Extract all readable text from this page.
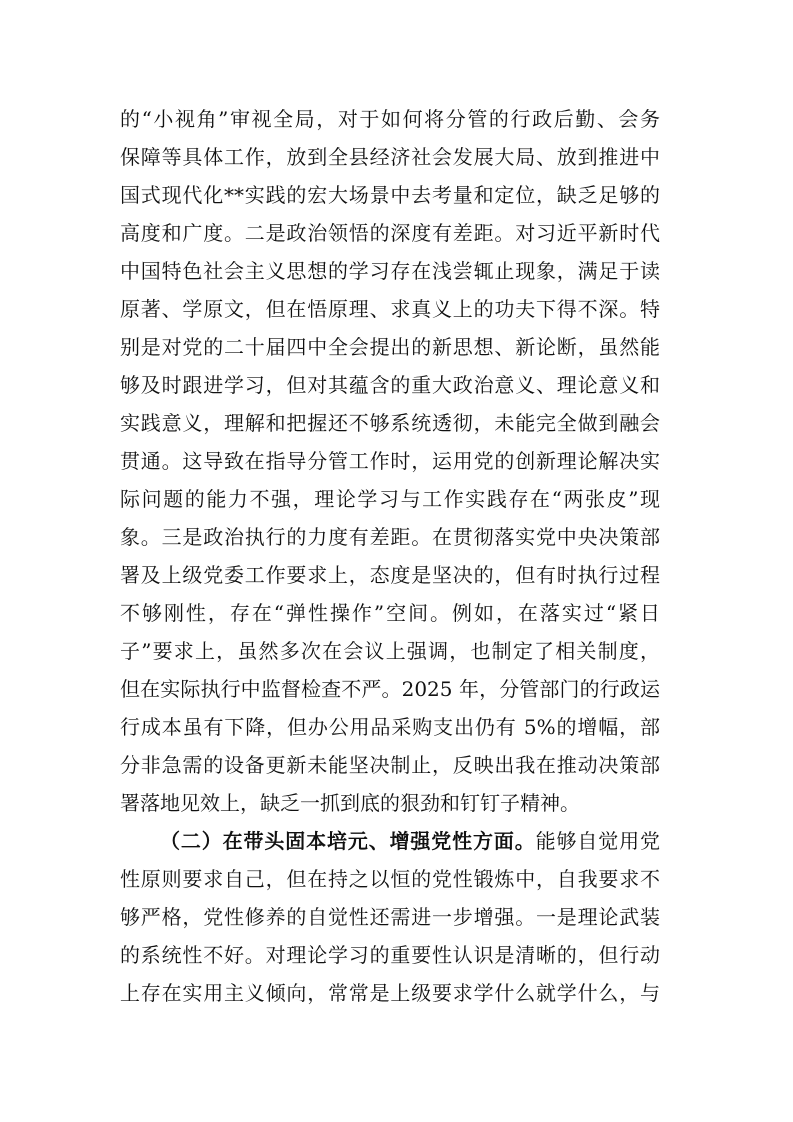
的“小视角”审视全局，对于如何将分管的行政后勤、会务
保障等具体工作，放到全县经济社会发展大局、放到推进中
国式现代化**实践的宏大场景中去考量和定位，缺乏足够的
高度和广度。二是政治领悟的深度有差距。对习近平新时代
中国特色社会主义思想的学习存在浅尝辄止现象，满足于读
原著、学原文，但在悟原理、求真义上的功夫下得不深。特
别是对党的二十届四中全会提出的新思想、新论断，虽然能
够及时跟进学习，但对其蕴含的重大政治意义、理论意义和
实践意义，理解和把握还不够系统透彻，未能完全做到融会
贯通。这导致在指导分管工作时，运用党的创新理论解决实
际问题的能力不强，理论学习与工作实践存在“两张皮”现
象。三是政治执行的力度有差距。在贯彻落实党中央决策部
署及上级党委工作要求上，态度是坚决的，但有时执行过程
不够刚性，存在“弹性操作”空间。例如，在落实过“紧日
子”要求上，虽然多次在会议上强调，也制定了相关制度，
但在实际执行中监督检查不严。2025 年，分管部门的行政运
行成本虽有下降，但办公用品采购支出仍有 5%的增幅，部
分非急需的设备更新未能坚决制止，反映出我在推动决策部
署落地见效上，缺乏一抓到底的狠劲和钉钉子精神。
（二）在带头固本培元、增强党性方面。能够自觉用党
性原则要求自己，但在持之以恒的党性锻炼中，自我要求不
够严格，党性修养的自觉性还需进一步增强。一是理论武装
的系统性不好。对理论学习的重要性认识是清晰的，但行动
上存在实用主义倾向，常常是上级要求学什么就学什么，与
